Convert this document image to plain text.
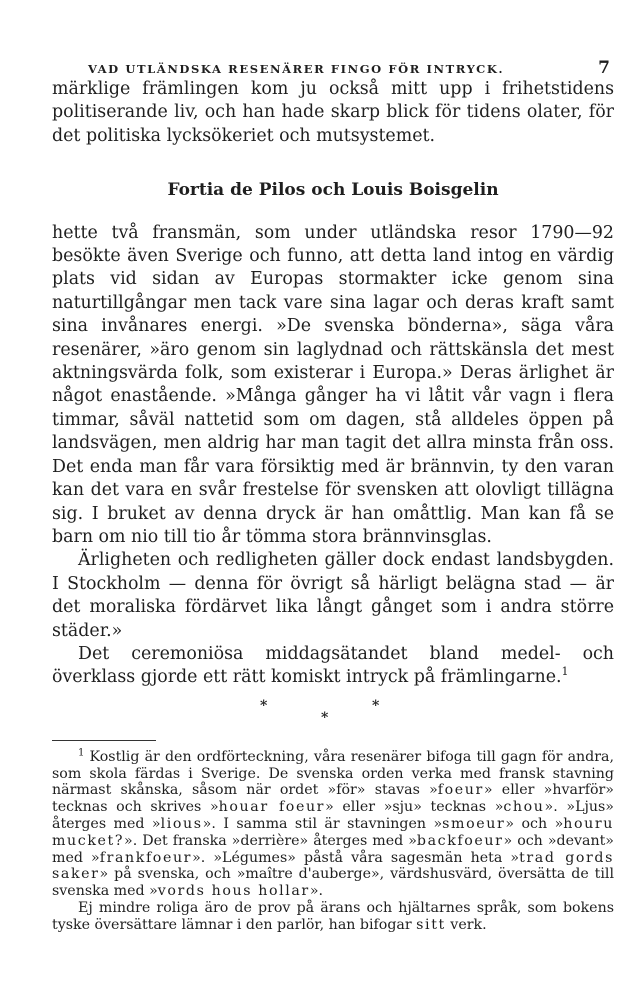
VAD UTLÄNDSKA RESENÄRER FINGO FÖR INTRYCK.	7

märklige främlingen kom ju också mitt upp i frihetstidens politiserande liv, och han hade skarp blick för tidens olater, för det politiska lycksökeriet och mutsystemet.

Fortia de Pilos och Louis Boisgelin

hette två fransmän, som under utländska resor 1790—92 besökte även Sverige och funno, att detta land intog en värdig plats vid sidan av Europas stormakter icke genom sina naturtillgångar men tack vare sina lagar och deras kraft samt sina invånares energi. »De svenska bönderna», säga våra resenärer, »äro genom sin laglydnad och rättskänsla det mest aktningsvärda folk, som existerar i Europa.» Deras ärlighet är något enastående. »Många gånger ha vi låtit vår vagn i flera timmar, såväl nattetid som om dagen, stå alldeles öppen på landsvägen, men aldrig har man tagit det allra minsta från oss. Det enda man får vara försiktig med är brännvin, ty den varan kan det vara en svår frestelse för svensken att olovligt tillägna sig. I bruket av denna dryck är han omåttlig. Man kan få se barn om nio till tio år tömma stora brännvinsglas.

Ärligheten och redligheten gäller dock endast landsbygden. I Stockholm — denna för övrigt så härligt belägna stad — är det moraliska fördärvet lika långt gånget som i andra större städer.»

Det ceremoniösa middagsätandet bland medel- och överklass gjorde ett rätt komiskt intryck på främlingarne.$^1$

*
*
*

$^1$ Kostlig är den ordförteckning, våra resenärer bifoga till gagn för andra, som skola färdas i Sverige. De svenska orden verka med fransk stavning närmast skånska, såsom när ordet »för» stavas »foeur» eller »hvarför» tecknas och skrives »houar foeur» eller »sju» tecknas »chou». »Ljus» återges med »lious». I samma stil är stavningen »smoeur» och »houru mucket?». Det franska »derrière» återges med »backfoeur» och »devant» med »frankfoeur». »Légumes» påstå våra sagesmän heta »trad gords saker» på svenska, och »maître d'auberge», värdshusvärd, översätta de till svenska med »vords hous hollar».

Ej mindre roliga äro de prov på ärans och hjältarnes språk, som bokens tyske översättare lämnar i den parlör, han bifogar sitt verk.
